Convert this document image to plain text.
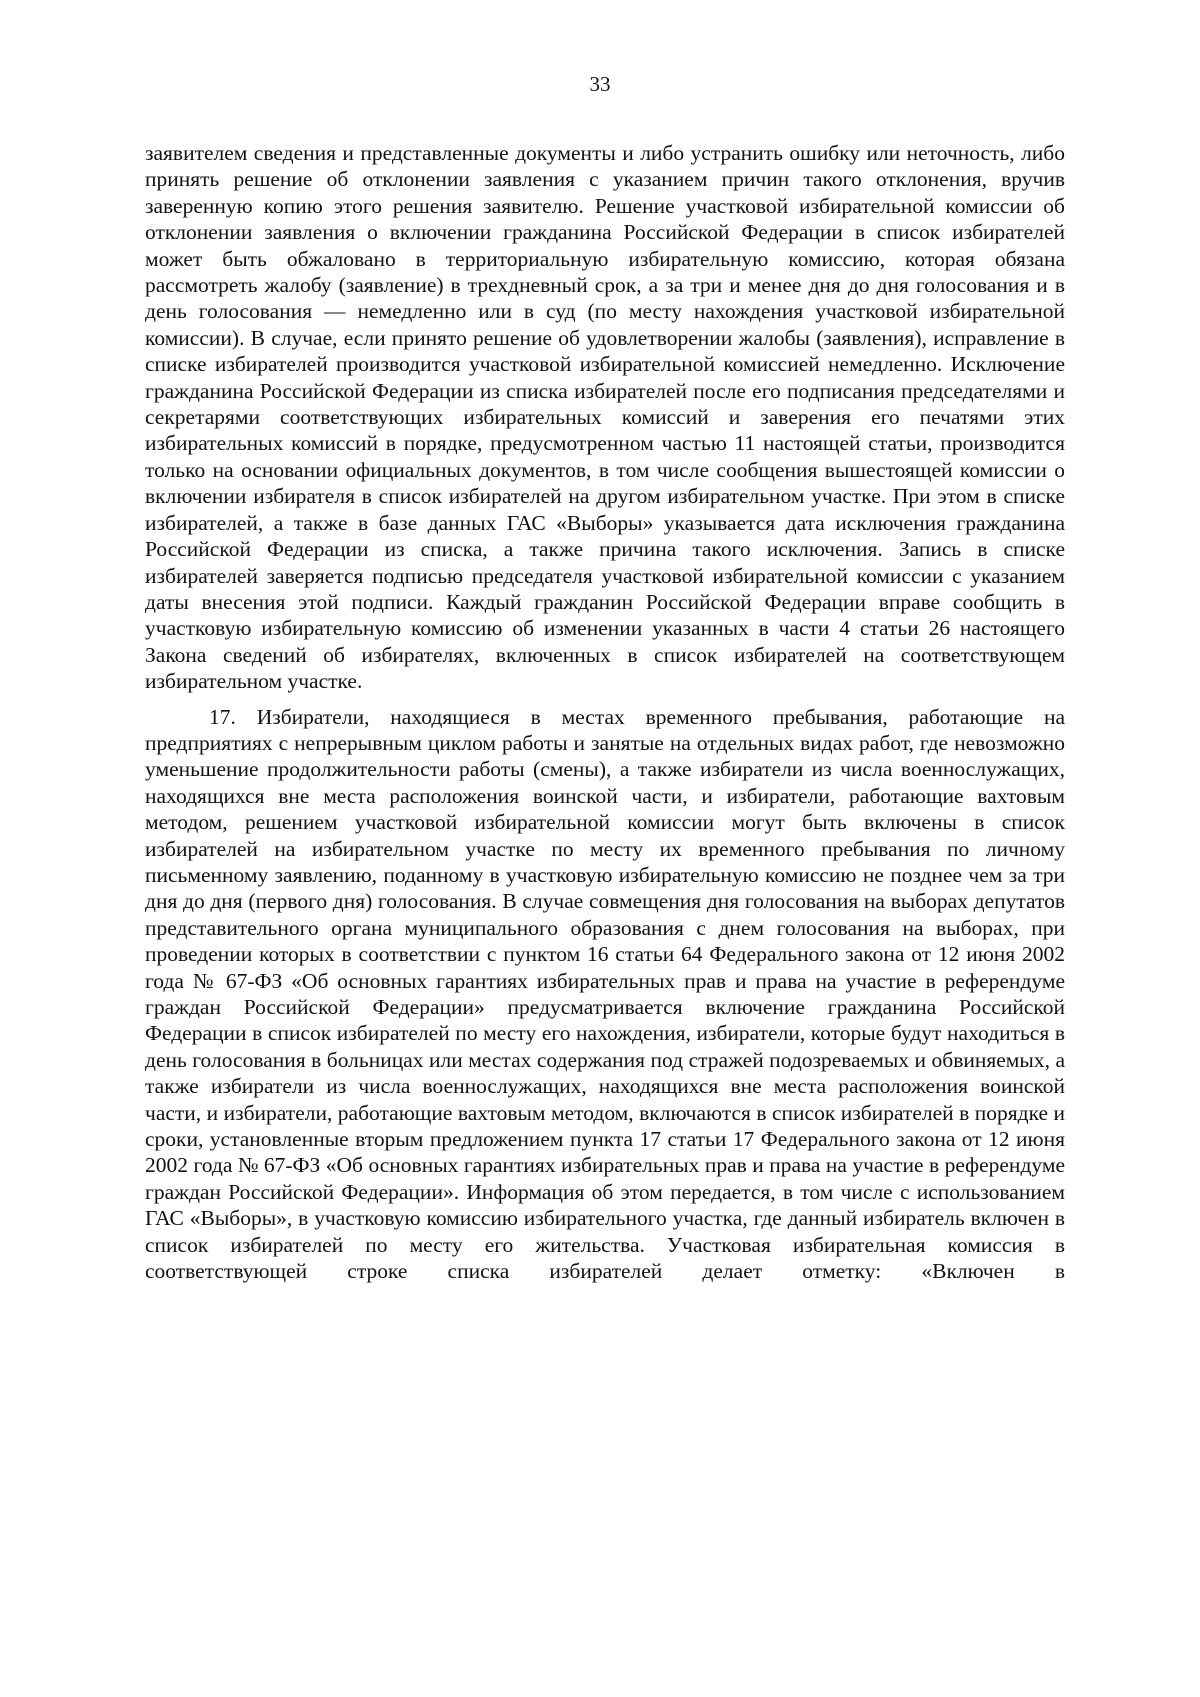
33

заявителем сведения и представленные документы и либо устранить ошибку или неточность, либо принять решение об отклонении заявления с указанием причин такого отклонения, вручив заверенную копию этого решения заявителю. Решение участковой избирательной комиссии об отклонении заявления о включении гражданина Российской Федерации в список избирателей может быть обжаловано в территориальную избирательную комиссию, которая обязана рассмотреть жалобу (заявление) в трехдневный срок, а за три и менее дня до дня голосования и в день голосования — немедленно или в суд (по месту нахождения участковой избирательной комиссии). В случае, если принято решение об удовлетворении жалобы (заявления), исправление в списке избирателей производится участковой избирательной комиссией немедленно. Исключение гражданина Российской Федерации из списка избирателей после его подписания председателями и секретарями соответствующих избирательных комиссий и заверения его печатями этих избирательных комиссий в порядке, предусмотренном частью 11 настоящей статьи, производится только на основании официальных документов, в том числе сообщения вышестоящей комиссии о включении избирателя в список избирателей на другом избирательном участке. При этом в списке избирателей, а также в базе данных ГАС «Выборы» указывается дата исключения гражданина Российской Федерации из списка, а также причина такого исключения. Запись в списке избирателей заверяется подписью председателя участковой избирательной комиссии с указанием даты внесения этой подписи. Каждый гражданин Российской Федерации вправе сообщить в участковую избирательную комиссию об изменении указанных в части 4 статьи 26 настоящего Закона сведений об избирателях, включенных в список избирателей на соответствующем избирательном участке.

17. Избиратели, находящиеся в местах временного пребывания, работающие на предприятиях с непрерывным циклом работы и занятые на отдельных видах работ, где невозможно уменьшение продолжительности работы (смены), а также избиратели из числа военнослужащих, находящихся вне места расположения воинской части, и избиратели, работающие вахтовым методом, решением участковой избирательной комиссии могут быть включены в список избирателей на избирательном участке по месту их временного пребывания по личному письменному заявлению, поданному в участковую избирательную комиссию не позднее чем за три дня до дня (первого дня) голосования. В случае совмещения дня голосования на выборах депутатов представительного органа муниципального образования с днем голосования на выборах, при проведении которых в соответствии с пунктом 16 статьи 64 Федерального закона от 12 июня 2002 года № 67-ФЗ «Об основных гарантиях избирательных прав и права на участие в референдуме граждан Российской Федерации» предусматривается включение гражданина Российской Федерации в список избирателей по месту его нахождения, избиратели, которые будут находиться в день голосования в больницах или местах содержания под стражей подозреваемых и обвиняемых, а также избиратели из числа военнослужащих, находящихся вне места расположения воинской части, и избиратели, работающие вахтовым методом, включаются в список избирателей в порядке и сроки, установленные вторым предложением пункта 17 статьи 17 Федерального закона от 12 июня 2002 года № 67-ФЗ «Об основных гарантиях избирательных прав и права на участие в референдуме граждан Российской Федерации». Информация об этом передается, в том числе с использованием ГАС «Выборы», в участковую комиссию избирательного участка, где данный избиратель включен в список избирателей по месту его жительства. Участковая избирательная комиссия в соответствующей строке списка избирателей делает отметку: «Включен в
